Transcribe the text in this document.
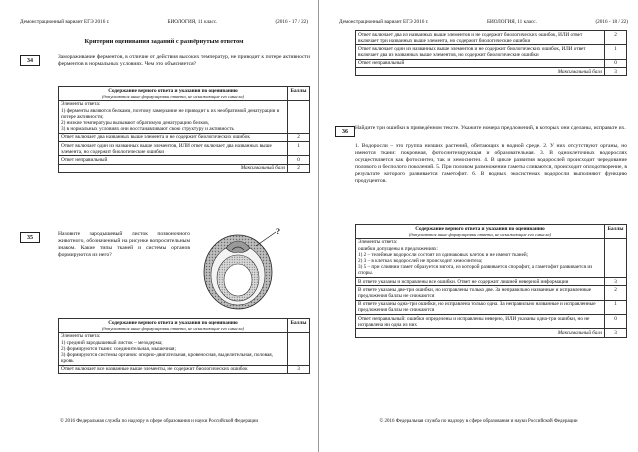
Демонстрационный вариант ЕГЭ 2016 г.	БИОЛОГИЯ, 11 класс.	(2016 - 17 / 22)
Критерии оценивания заданий с развёрнутым ответом
34
Замораживание ферментов, в отличие от действия высоких температур, не приводит к потере активности ферментов в нормальных условиях. Чем это объясняется?
Содержание верного ответа и указания по оцениванию
(допускаются иные формулировки ответа, не искажающие его смысла)	Баллы

Элементы ответа:
1) ферменты являются белками, поэтому замерзание не приводит к их необратимой денатурации и потере активности;
2) низкие температуры вызывают обратимую денатурацию белков,
3) в нормальных условиях они восстанавливают свою структуру и активность	

Ответ включает два названных выше элемента и не содержит биологических ошибок	2
Ответ включает один из названных выше элементов, ИЛИ ответ включает два названных выше элемента, но содержит биологические ошибки	1
Ответ неправильный	0
Максимальный балл	2
35
Назовите зародышевый листок позвоночного животного, обозначенный на рисунке вопросительным знаком. Какие типы тканей и системы органов формируются из него?
?
Содержание верного ответа и указания по оцениванию
(допускаются иные формулировки ответа, не искажающие его смысла)	Баллы

Элементы ответа:
1) средний зародышевый листок – мезодерма;
2) формируются ткани: соединительная, мышечная;
3) формируются системы органов: опорно-двигательная, кровеносная, выделительная, половая, кровь	

Ответ включает все названные выше элементы, не содержит биологических ошибок	3
© 2016 Федеральная служба по надзору в сфере образования и науки Российской Федерации
Демонстрационный вариант ЕГЭ 2016 г.	БИОЛОГИЯ, 11 класс.	(2016 - 18 / 22)
Ответ включает два из названных выше элементов и не содержит биологических ошибок, ИЛИ ответ включает три названных выше элемента, но содержит биологические ошибки	2
Ответ включает один из названных выше элементов и не содержит биологических ошибок, ИЛИ ответ включает два из названных выше элементов, но содержит биологические ошибки	1
Ответ неправильный	0
Максимальный балл	3
36
Найдите три ошибки в приведённом тексте. Укажите номера предложений, в которых они сделаны, исправьте их.
1. Водоросли – это группа низших растений, обитающих в водной среде. 2. У них отсутствуют органы, но имеются ткани: покровная, фотосинтезирующая и образовательная. 3. В одноклеточных водорослях осуществляется как фотосинтез, так и хемосинтез. 4. В цикле развития водорослей происходит чередование полового и бесполого поколений. 5. При половом размножении гаметы сливаются, происходит оплодотворение, в результате которого развивается гаметофит. 6. В водных экосистемах водоросли выполняют функцию продуцентов.
Содержание верного ответа и указания по оцениванию
(допускаются иные формулировки ответа, не искажающие его смысла)	Баллы

Элементы ответа:
ошибки допущены в предложениях:
1) 2 – телейные водоросли состоят из одинаковых клеток и не имеют тканей;
2) 3 – в клетках водорослей не происходит хемосинтеза;
3) 5 – при слиянии гамет образуется зигота, из которой развивается спорофит, а гаметофит развивается из споры.	

В ответе указаны и исправлены все ошибки. Ответ не содержит лишней неверной информации	3
В ответе указаны две-три ошибки, но исправлены только две. За неправильно названные и исправленные предложения баллы не снижаются	2
В ответе указаны одна-три ошибки, но исправлена только одна. За неправильно названные и исправленные предложения баллы не снижаются	1
Ответ неправильный: ошибки определены и исправлены неверно, ИЛИ указаны одна-три ошибки, но не исправлена ни одна из них	0
Максимальный балл	3
© 2016 Федеральная служба по надзору в сфере образования и науки Российской Федерации
